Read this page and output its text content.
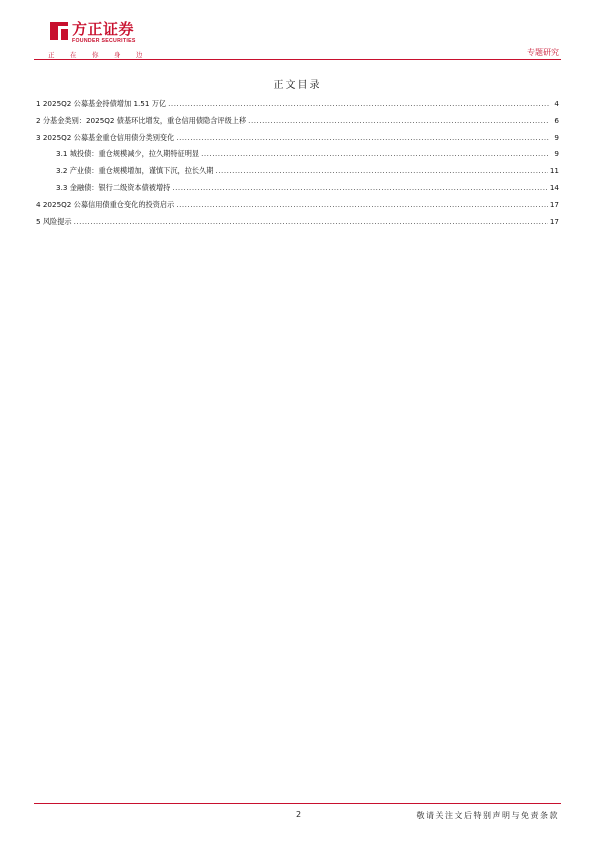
方正证券
FOUNDER SECURITIES
正	在	你	身	边	专题研究
正文目录
1 2025Q2 公募基金持债增加 1.51 万亿 .....	4
2 分基金类别：2025Q2 债基环比增发，重仓信用债隐含评级上移 .....	6
3 2025Q2 公募基金重仓信用债分类别变化 .....	9
3.1 城投债：重仓规模减少，拉久期特征明显 .....	9
3.2 产业债：重仓规模增加，谨慎下沉，拉长久期 .....	11
3.3 金融债：银行二级资本债被增持 .....	14
4 2025Q2 公募信用债重仓变化的投资启示 .....	17
5 风险提示 .....	17
2	敬请关注文后特别声明与免责条款
